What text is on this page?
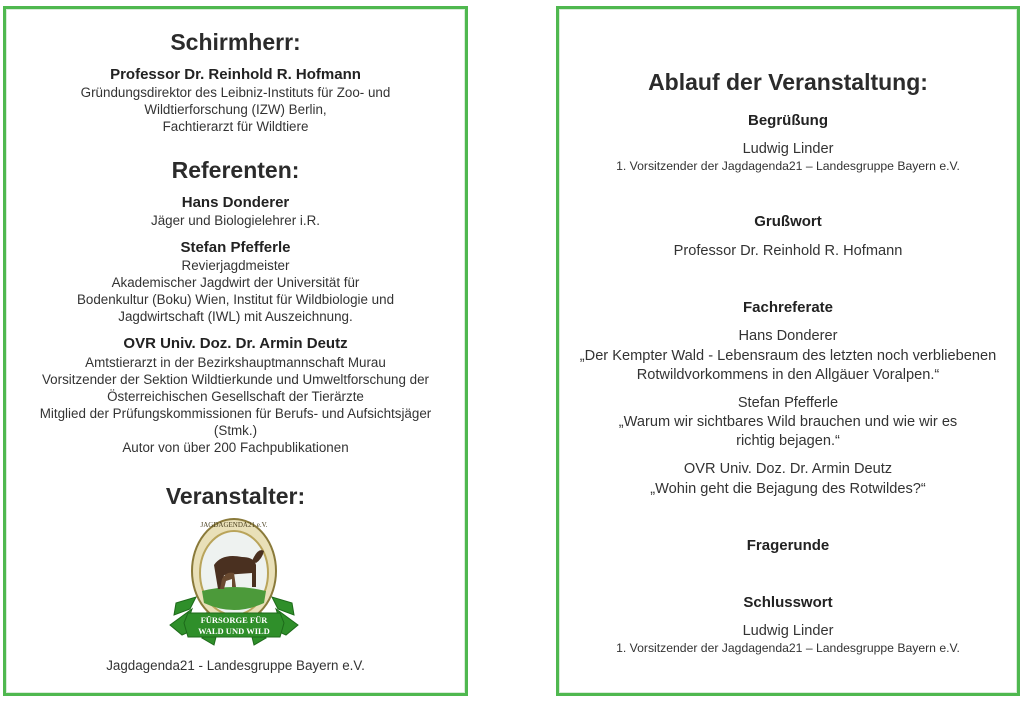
Schirmherr:
Professor Dr. Reinhold R. Hofmann
Gründungsdirektor des Leibniz-Instituts für Zoo- und
Wildtierforschung (IZW) Berlin,
Fachtierarzt für Wildtiere
Referenten:
Hans Donderer
Jäger und Biologielehrer i.R.
Stefan Pfefferle
Revierjagdmeister
Akademischer Jagdwirt der Universität für
Bodenkultur (Boku) Wien, Institut für Wildbiologie und
Jagdwirtschaft (IWL) mit Auszeichnung.
OVR Univ. Doz. Dr. Armin Deutz
Amtstierarzt in der Bezirkshauptmannschaft Murau
Vorsitzender der Sektion Wildtierkunde und Umweltforschung der
Österreichischen Gesellschaft der Tierärzte
Mitglied der Prüfungskommissionen für Berufs- und Aufsichtsjäger
(Stmk.)
Autor von über 200 Fachpublikationen
Veranstalter:
Jagdagenda21 - Landesgruppe Bayern e.V.
JAGDAGENDA21 e.V.
FÜRSORGE FÜR
WALD UND WILD
Ablauf der Veranstaltung:
Begrüßung
Ludwig Linder
1. Vorsitzender der Jagdagenda21 – Landesgruppe Bayern e.V.
Grußwort
Professor Dr. Reinhold R. Hofmann
Fachreferate
Hans Donderer
„Der Kempter Wald - Lebensraum des letzten noch verbliebenen
Rotwildvorkommens in den Allgäuer Voralpen.“
Stefan Pfefferle
„Warum wir sichtbares Wild brauchen und wie wir es
richtig bejagen.“
OVR Univ. Doz. Dr. Armin Deutz
„Wohin geht die Bejagung des Rotwildes?“
Fragerunde
Schlusswort
Ludwig Linder
1. Vorsitzender der Jagdagenda21 – Landesgruppe Bayern e.V.
